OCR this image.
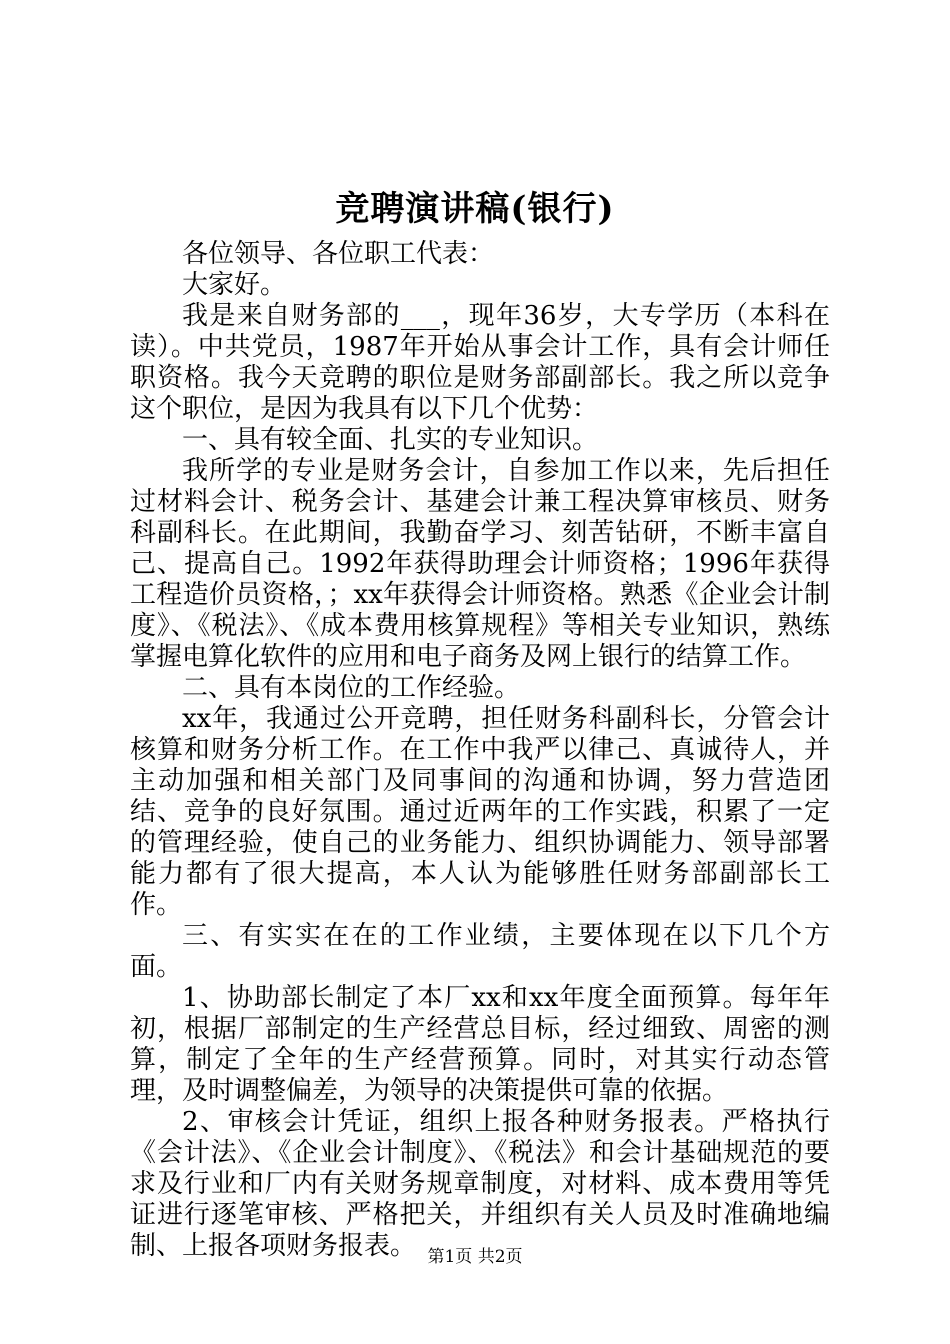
竞聘演讲稿(银行)

各位领导、各位职工代表：

大家好。

我是来自财务部的___，现年36岁，大专学历（本科在读）。中共党员，1987年开始从事会计工作，具有会计师任职资格。我今天竞聘的职位是财务部副部长。我之所以竞争这个职位，是因为我具有以下几个优势：

一、具有较全面、扎实的专业知识。

我所学的专业是财务会计，自参加工作以来，先后担任过材料会计、税务会计、基建会计兼工程决算审核员、财务科副科长。在此期间，我勤奋学习、刻苦钻研，不断丰富自己、提高自己。1992年获得助理会计师资格；1996年获得工程造价员资格，；xx年获得会计师资格。熟悉《企业会计制度》、《税法》、《成本费用核算规程》等相关专业知识，熟练掌握电算化软件的应用和电子商务及网上银行的结算工作。

二、具有本岗位的工作经验。

xx年，我通过公开竞聘，担任财务科副科长，分管会计核算和财务分析工作。在工作中我严以律己、真诚待人，并主动加强和相关部门及同事间的沟通和协调，努力营造团结、竞争的良好氛围。通过近两年的工作实践，积累了一定的管理经验，使自己的业务能力、组织协调能力、领导部署能力都有了很大提高，本人认为能够胜任财务部副部长工作。

三、有实实在在的工作业绩，主要体现在以下几个方面。

1、协助部长制定了本厂xx和xx年度全面预算。每年年初，根据厂部制定的生产经营总目标，经过细致、周密的测算，制定了全年的生产经营预算。同时，对其实行动态管理，及时调整偏差，为领导的决策提供可靠的依据。

2、审核会计凭证，组织上报各种财务报表。严格执行《会计法》、《企业会计制度》、《税法》和会计基础规范的要求及行业和厂内有关财务规章制度，对材料、成本费用等凭证进行逐笔审核、严格把关，并组织有关人员及时准确地编制、上报各项财务报表。 第1页 共2页
